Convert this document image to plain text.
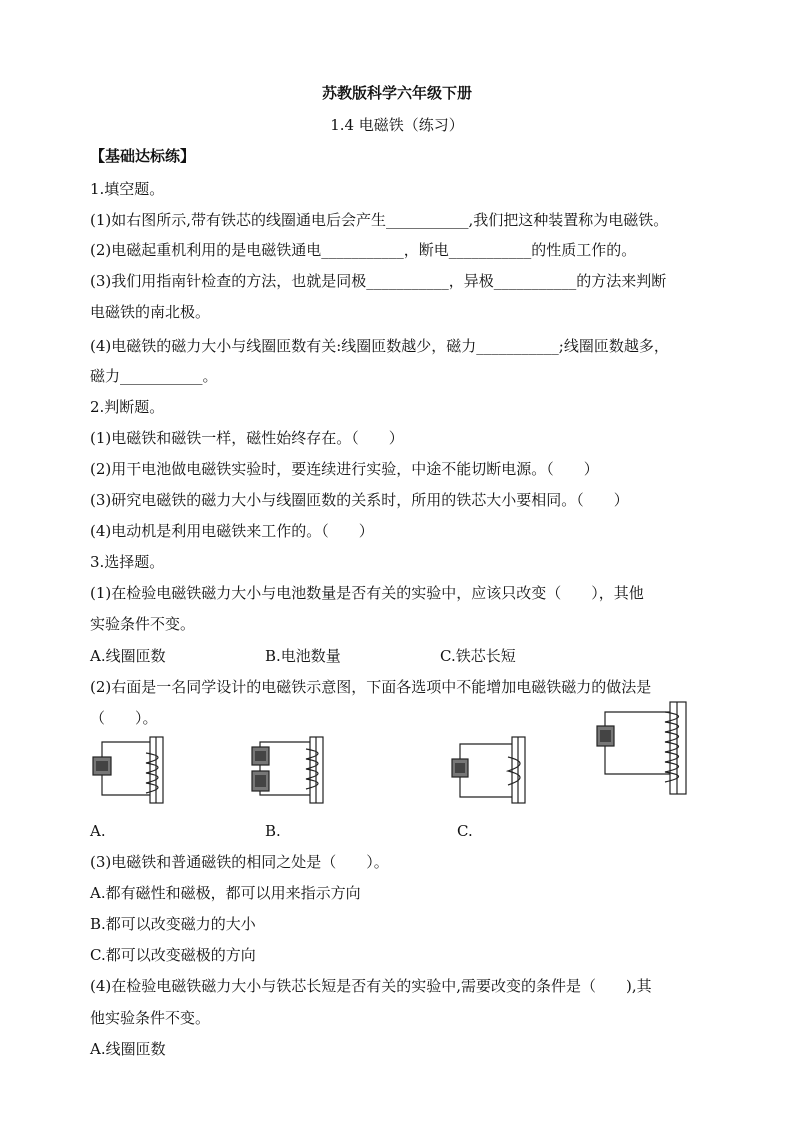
苏教版科学六年级下册
1.4 电磁铁（练习）
【基础达标练】
1.填空题。
(1)如右图所示,带有铁芯的线圈通电后会产生___________,我们把这种装置称为电磁铁。
(2)电磁起重机利用的是电磁铁通电___________，断电___________的性质工作的。
(3)我们用指南针检查的方法，也就是同极___________，异极___________的方法来判断
电磁铁的南北极。
(4)电磁铁的磁力大小与线圈匝数有关:线圈匝数越少，磁力___________;线圈匝数越多，
磁力___________。
2.判断题。
(1)电磁铁和磁铁一样，磁性始终存在。（　　）
(2)用干电池做电磁铁实验时，要连续进行实验，中途不能切断电源。（　　）
(3)研究电磁铁的磁力大小与线圈匝数的关系时，所用的铁芯大小要相同。（　　）
(4)电动机是利用电磁铁来工作的。（　　）
3.选择题。
(1)在检验电磁铁磁力大小与电池数量是否有关的实验中，应该只改变（　　），其他
实验条件不变。
A.线圈匝数	B.电池数量	C.铁芯长短
(2)右面是一名同学设计的电磁铁示意图，下面各选项中不能增加电磁铁磁力的做法是
（　　）。
A.	B.	C.
(3)电磁铁和普通磁铁的相同之处是（　　）。
A.都有磁性和磁极，都可以用来指示方向
B.都可以改变磁力的大小
C.都可以改变磁极的方向
(4)在检验电磁铁磁力大小与铁芯长短是否有关的实验中,需要改变的条件是（　　),其
他实验条件不变。
A.线圈匝数
